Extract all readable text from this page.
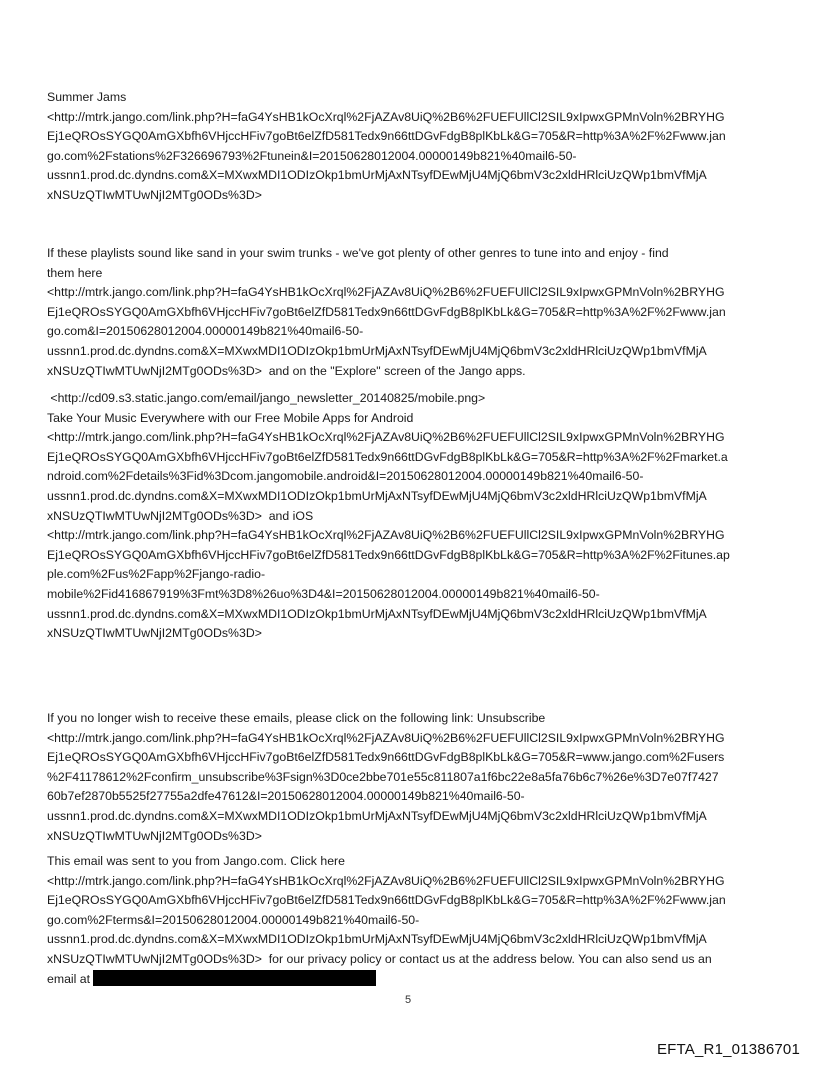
Summer Jams
<http://mtrk.jango.com/link.php?H=faG4YsHB1kOcXrql%2FjAZAv8UiQ%2B6%2FUEFUllCl2SIL9xIpwxGPMnVoln%2BRYHG
Ej1eQROsSYGQ0AmGXbfh6VHjccHFiv7goBt6elZfD581Tedx9n66ttDGvFdgB8plKbLk&G=705&R=http%3A%2F%2Fwww.jan
go.com%2Fstations%2F326696793%2Ftunein&I=20150628012004.00000149b821%40mail6-50-
ussnn1.prod.dc.dyndns.com&X=MXwxMDI1ODIzOkp1bmUrMjAxNTsyfDEwMjU4MjQ6bmV3c2xldHRlciUzQWp1bmVfMjA
xNSUzQTIwMTUwNjI2MTg0ODs%3D>
If these playlists sound like sand in your swim trunks - we've got plenty of other genres to tune into and enjoy - find
them here
<http://mtrk.jango.com/link.php?H=faG4YsHB1kOcXrql%2FjAZAv8UiQ%2B6%2FUEFUllCl2SIL9xIpwxGPMnVoln%2BRYHG
Ej1eQROsSYGQ0AmGXbfh6VHjccHFiv7goBt6elZfD581Tedx9n66ttDGvFdgB8plKbLk&G=705&R=http%3A%2F%2Fwww.jan
go.com&I=20150628012004.00000149b821%40mail6-50-
ussnn1.prod.dc.dyndns.com&X=MXwxMDI1ODIzOkp1bmUrMjAxNTsyfDEwMjU4MjQ6bmV3c2xldHRlciUzQWp1bmVfMjA
xNSUzQTIwMTUwNjI2MTg0ODs%3D>  and on the "Explore" screen of the Jango apps.
<http://cd09.s3.static.jango.com/email/jango_newsletter_20140825/mobile.png>
Take Your Music Everywhere with our Free Mobile Apps for Android
<http://mtrk.jango.com/link.php?H=faG4YsHB1kOcXrql%2FjAZAv8UiQ%2B6%2FUEFUllCl2SIL9xIpwxGPMnVoln%2BRYHG
Ej1eQROsSYGQ0AmGXbfh6VHjccHFiv7goBt6elZfD581Tedx9n66ttDGvFdgB8plKbLk&G=705&R=http%3A%2F%2Fmarket.a
ndroid.com%2Fdetails%3Fid%3Dcom.jangomobile.android&I=20150628012004.00000149b821%40mail6-50-
ussnn1.prod.dc.dyndns.com&X=MXwxMDI1ODIzOkp1bmUrMjAxNTsyfDEwMjU4MjQ6bmV3c2xldHRlciUzQWp1bmVfMjA
xNSUzQTIwMTUwNjI2MTg0ODs%3D>  and iOS
<http://mtrk.jango.com/link.php?H=faG4YsHB1kOcXrql%2FjAZAv8UiQ%2B6%2FUEFUllCl2SIL9xIpwxGPMnVoln%2BRYHG
Ej1eQROsSYGQ0AmGXbfh6VHjccHFiv7goBt6elZfD581Tedx9n66ttDGvFdgB8plKbLk&G=705&R=http%3A%2F%2Fitunes.ap
ple.com%2Fus%2Fapp%2Fjango-radio-
mobile%2Fid416867919%3Fmt%3D8%26uo%3D4&I=20150628012004.00000149b821%40mail6-50-
ussnn1.prod.dc.dyndns.com&X=MXwxMDI1ODIzOkp1bmUrMjAxNTsyfDEwMjU4MjQ6bmV3c2xldHRlciUzQWp1bmVfMjA
xNSUzQTIwMTUwNjI2MTg0ODs%3D>
If you no longer wish to receive these emails, please click on the following link: Unsubscribe
<http://mtrk.jango.com/link.php?H=faG4YsHB1kOcXrql%2FjAZAv8UiQ%2B6%2FUEFUllCl2SIL9xIpwxGPMnVoln%2BRYHG
Ej1eQROsSYGQ0AmGXbfh6VHjccHFiv7goBt6elZfD581Tedx9n66ttDGvFdgB8plKbLk&G=705&R=www.jango.com%2Fusers
%2F41178612%2Fconfirm_unsubscribe%3Fsign%3D0ce2bbe701e55c811807a1f6bc22e8a5fa76b6c7%26e%3D7e07f7427
60b7ef2870b5525f27755a2dfe47612&I=20150628012004.00000149b821%40mail6-50-
ussnn1.prod.dc.dyndns.com&X=MXwxMDI1ODIzOkp1bmUrMjAxNTsyfDEwMjU4MjQ6bmV3c2xldHRlciUzQWp1bmVfMjA
xNSUzQTIwMTUwNjI2MTg0ODs%3D>
This email was sent to you from Jango.com. Click here
<http://mtrk.jango.com/link.php?H=faG4YsHB1kOcXrql%2FjAZAv8UiQ%2B6%2FUEFUllCl2SIL9xIpwxGPMnVoln%2BRYHG
Ej1eQROsSYGQ0AmGXbfh6VHjccHFiv7goBt6elZfD581Tedx9n66ttDGvFdgB8plKbLk&G=705&R=http%3A%2F%2Fwww.jan
go.com%2Fterms&I=20150628012004.00000149b821%40mail6-50-
ussnn1.prod.dc.dyndns.com&X=MXwxMDI1ODIzOkp1bmUrMjAxNTsyfDEwMjU4MjQ6bmV3c2xldHRlciUzQWp1bmVfMjA
xNSUzQTIwMTUwNjI2MTg0ODs%3D>  for our privacy policy or contact us at the address below. You can also send us an
email at
5
EFTA_R1_01386701
